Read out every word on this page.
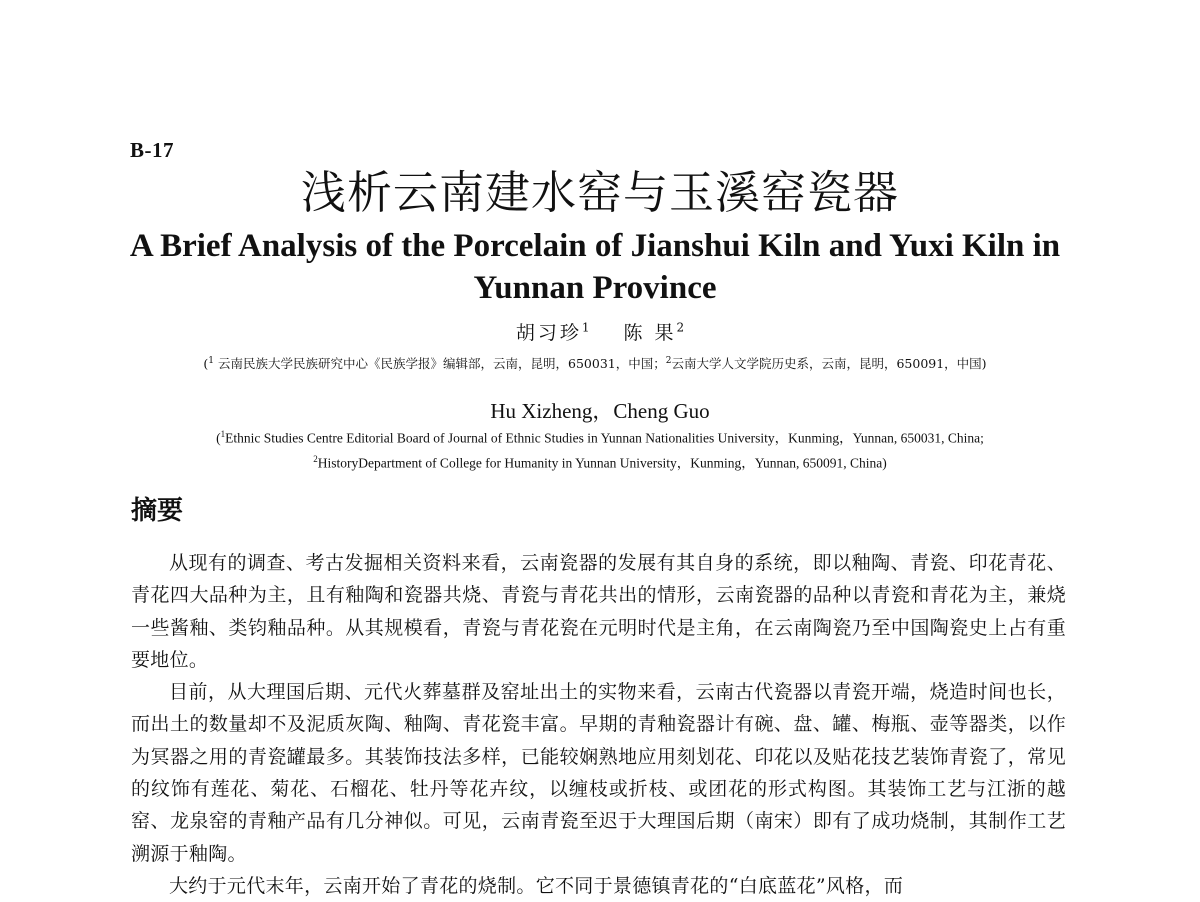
B-17
浅析云南建水窑与玉溪窑瓷器
A Brief Analysis of the Porcelain of Jianshui Kiln and Yuxi Kiln in Yunnan Province
胡习珍$^1$ 陈 果$^2$
($^1$ 云南民族大学民族研究中心《民族学报》编辑部，云南，昆明，650031，中国；$^2$云南大学人文学院历史系，云南，昆明，650091，中国)
Hu Xizheng，Cheng Guo
($^1$Ethnic Studies Centre Editorial Board of Journal of Ethnic Studies in Yunnan Nationalities University，Kunming，Yunnan, 650031, China;
$^2$HistoryDepartment of College for Humanity in Yunnan University，Kunming，Yunnan, 650091, China)
摘要

从现有的调查、考古发掘相关资料来看，云南瓷器的发展有其自身的系统，即以釉陶、青瓷、印花青花、青花四大品种为主，且有釉陶和瓷器共烧、青瓷与青花共出的情形，云南瓷器的品种以青瓷和青花为主，兼烧一些酱釉、类钧釉品种。从其规模看，青瓷与青花瓷在元明时代是主角，在云南陶瓷乃至中国陶瓷史上占有重要地位。

目前，从大理国后期、元代火葬墓群及窑址出土的实物来看，云南古代瓷器以青瓷开端，烧造时间也长，而出土的数量却不及泥质灰陶、釉陶、青花瓷丰富。早期的青釉瓷器计有碗、盘、罐、梅瓶、壶等器类，以作为冥器之用的青瓷罐最多。其装饰技法多样，已能较娴熟地应用刻划花、印花以及贴花技艺装饰青瓷了，常见的纹饰有莲花、菊花、石榴花、牡丹等花卉纹，以缠枝或折枝、或团花的形式构图。其装饰工艺与江浙的越窑、龙泉窑的青釉产品有几分神似。可见，云南青瓷至迟于大理国后期（南宋）即有了成功烧制，其制作工艺溯源于釉陶。

大约于元代末年，云南开始了青花的烧制。它不同于景德镇青花的“白底蓝花”风格，而
